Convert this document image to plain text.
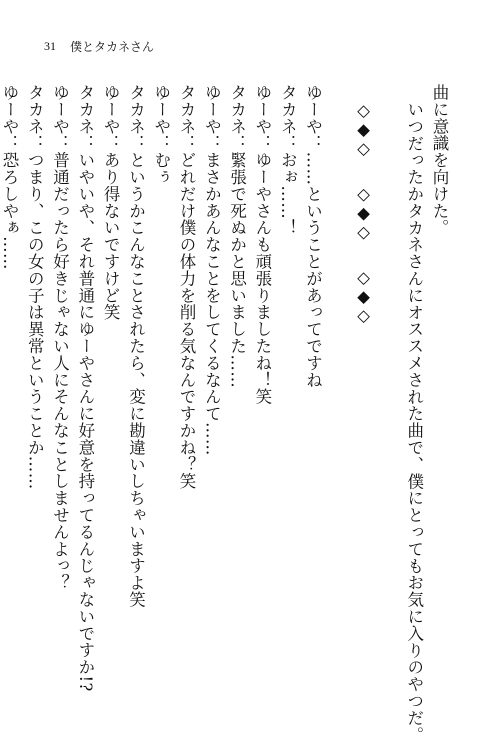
31 僕とタカネさん

曲に意識を向けた。

いつだったかタカネさんにオススメされた曲で、僕にとってもお気に入りのやつだ。

◇◆◇◇◆◇◇◆◇

ゆーや：……ということがあってですね

タカネ：おぉ……！

ゆーや：ゆーやさんも頑張りましたね！笑

タカネ：緊張で死ぬかと思いました……

ゆーや：まさかあんなことをしてくるなんて……

タカネ：どれだけ僕の体力を削る気なんですかね？笑

ゆーや：むぅ

タカネ：というかこんなことされたら、変に勘違いしちゃいますよ笑

ゆーや：あり得ないですけど笑

タカネ：いやいや、それ普通にゆーやさんに好意を持ってるんじゃないですか!?

ゆーや：普通だったら好きじゃない人にそんなことしませんよっ？

タカネ：つまり、この女の子は異常ということか……

ゆーや：恐ろしやぁ……
